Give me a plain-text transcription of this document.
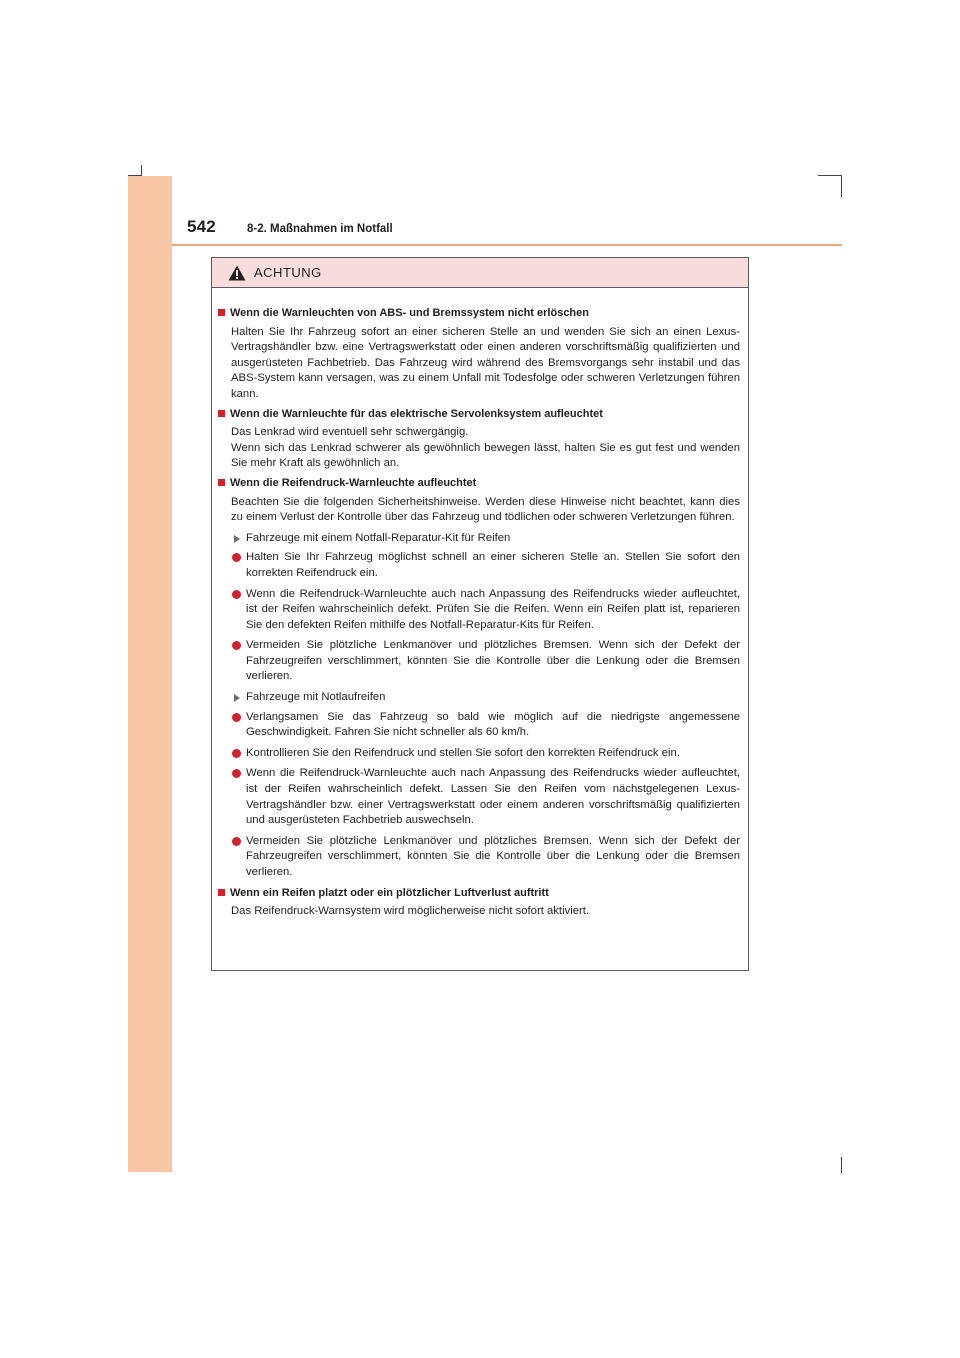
542	8-2. Maßnahmen im Notfall
ACHTUNG
Wenn die Warnleuchten von ABS- und Bremssystem nicht erlöschen
Halten Sie Ihr Fahrzeug sofort an einer sicheren Stelle an und wenden Sie sich an einen Lexus-Vertragshändler bzw. eine Vertragswerkstatt oder einen anderen vorschriftsmäßig qualifizierten und ausgerüsteten Fachbetrieb. Das Fahrzeug wird während des Bremsvorgangs sehr instabil und das ABS-System kann versagen, was zu einem Unfall mit Todesfolge oder schweren Verletzungen führen kann.
Wenn die Warnleuchte für das elektrische Servolenksystem aufleuchtet
Das Lenkrad wird eventuell sehr schwergängig.
Wenn sich das Lenkrad schwerer als gewöhnlich bewegen lässt, halten Sie es gut fest und wenden Sie mehr Kraft als gewöhnlich an.
Wenn die Reifendruck-Warnleuchte aufleuchtet
Beachten Sie die folgenden Sicherheitshinweise. Werden diese Hinweise nicht beachtet, kann dies zu einem Verlust der Kontrolle über das Fahrzeug und tödlichen oder schweren Verletzungen führen.
Fahrzeuge mit einem Notfall-Reparatur-Kit für Reifen
Halten Sie Ihr Fahrzeug möglichst schnell an einer sicheren Stelle an. Stellen Sie sofort den korrekten Reifendruck ein.
Wenn die Reifendruck-Warnleuchte auch nach Anpassung des Reifendrucks wieder aufleuchtet, ist der Reifen wahrscheinlich defekt. Prüfen Sie die Reifen. Wenn ein Reifen platt ist, reparieren Sie den defekten Reifen mithilfe des Notfall-Reparatur-Kits für Reifen.
Vermeiden Sie plötzliche Lenkmanöver und plötzliches Bremsen. Wenn sich der Defekt der Fahrzeugreifen verschlimmert, könnten Sie die Kontrolle über die Lenkung oder die Bremsen verlieren.
Fahrzeuge mit Notlaufreifen
Verlangsamen Sie das Fahrzeug so bald wie möglich auf die niedrigste angemessene Geschwindigkeit. Fahren Sie nicht schneller als 60 km/h.
Kontrollieren Sie den Reifendruck und stellen Sie sofort den korrekten Reifendruck ein.
Wenn die Reifendruck-Warnleuchte auch nach Anpassung des Reifendrucks wieder aufleuchtet, ist der Reifen wahrscheinlich defekt. Lassen Sie den Reifen vom nächstgelegenen Lexus-Vertragshändler bzw. einer Vertragswerkstatt oder einem anderen vorschriftsmäßig qualifizierten und ausgerüsteten Fachbetrieb auswechseln.
Vermeiden Sie plötzliche Lenkmanöver und plötzliches Bremsen. Wenn sich der Defekt der Fahrzeugreifen verschlimmert, könnten Sie die Kontrolle über die Lenkung oder die Bremsen verlieren.
Wenn ein Reifen platzt oder ein plötzlicher Luftverlust auftritt
Das Reifendruck-Warnsystem wird möglicherweise nicht sofort aktiviert.
